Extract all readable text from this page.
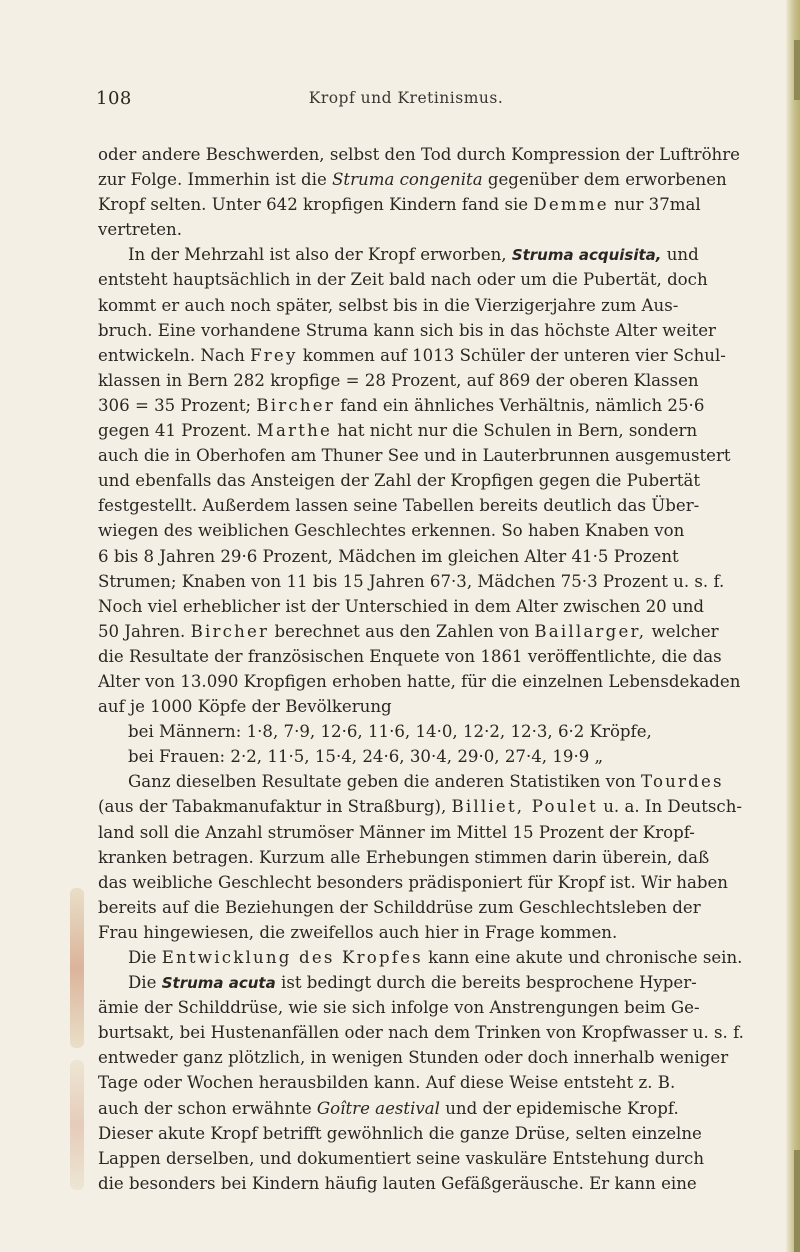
108	Kropf und Kretinismus.
oder andere Beschwerden, selbst den Tod durch Kompression der Luftröhre
zur Folge. Immerhin ist die Struma congenita gegenüber dem erworbenen
Kropf selten. Unter 642 kropfigen Kindern fand sie Demme nur 37mal
vertreten.
In der Mehrzahl ist also der Kropf erworben, Struma acquisita, und
entsteht hauptsächlich in der Zeit bald nach oder um die Pubertät, doch
kommt er auch noch später, selbst bis in die Vierzigerjahre zum Aus-
bruch. Eine vorhandene Struma kann sich bis in das höchste Alter weiter
entwickeln. Nach Frey kommen auf 1013 Schüler der unteren vier Schul-
klassen in Bern 282 kropfige = 28 Prozent, auf 869 der oberen Klassen
306 = 35 Prozent; Bircher fand ein ähnliches Verhältnis, nämlich 25·6
gegen 41 Prozent. Marthe hat nicht nur die Schulen in Bern, sondern
auch die in Oberhofen am Thuner See und in Lauterbrunnen ausgemustert
und ebenfalls das Ansteigen der Zahl der Kropfigen gegen die Pubertät
festgestellt. Außerdem lassen seine Tabellen bereits deutlich das Über-
wiegen des weiblichen Geschlechtes erkennen. So haben Knaben von
6 bis 8 Jahren 29·6 Prozent, Mädchen im gleichen Alter 41·5 Prozent
Strumen; Knaben von 11 bis 15 Jahren 67·3, Mädchen 75·3 Prozent u. s. f.
Noch viel erheblicher ist der Unterschied in dem Alter zwischen 20 und
50 Jahren. Bircher berechnet aus den Zahlen von Baillarger, welcher
die Resultate der französischen Enquete von 1861 veröffentlichte, die das
Alter von 13.090 Kropfigen erhoben hatte, für die einzelnen Lebensdekaden
auf je 1000 Köpfe der Bevölkerung
bei Männern: 1·8, 7·9, 12·6, 11·6, 14·0, 12·2, 12·3, 6·2 Kröpfe,
bei Frauen: 2·2, 11·5, 15·4, 24·6, 30·4, 29·0, 27·4, 19·9 „
Ganz dieselben Resultate geben die anderen Statistiken von Tourdes
(aus der Tabakmanufaktur in Straßburg), Billiet, Poulet u. a. In Deutsch-
land soll die Anzahl strumöser Männer im Mittel 15 Prozent der Kropf-
kranken betragen. Kurzum alle Erhebungen stimmen darin überein, daß
das weibliche Geschlecht besonders prädisponiert für Kropf ist. Wir haben
bereits auf die Beziehungen der Schilddrüse zum Geschlechtsleben der
Frau hingewiesen, die zweifellos auch hier in Frage kommen.
Die Entwicklung des Kropfes kann eine akute und chronische sein.
Die Struma acuta ist bedingt durch die bereits besprochene Hyper-
ämie der Schilddrüse, wie sie sich infolge von Anstrengungen beim Ge-
burtsakt, bei Hustenanfällen oder nach dem Trinken von Kropfwasser u. s. f.
entweder ganz plötzlich, in wenigen Stunden oder doch innerhalb weniger
Tage oder Wochen herausbilden kann. Auf diese Weise entsteht z. B.
auch der schon erwähnte Goître aestival und der epidemische Kropf.
Dieser akute Kropf betrifft gewöhnlich die ganze Drüse, selten einzelne
Lappen derselben, und dokumentiert seine vaskuläre Entstehung durch
die besonders bei Kindern häufig lauten Gefäßgeräusche. Er kann eine
